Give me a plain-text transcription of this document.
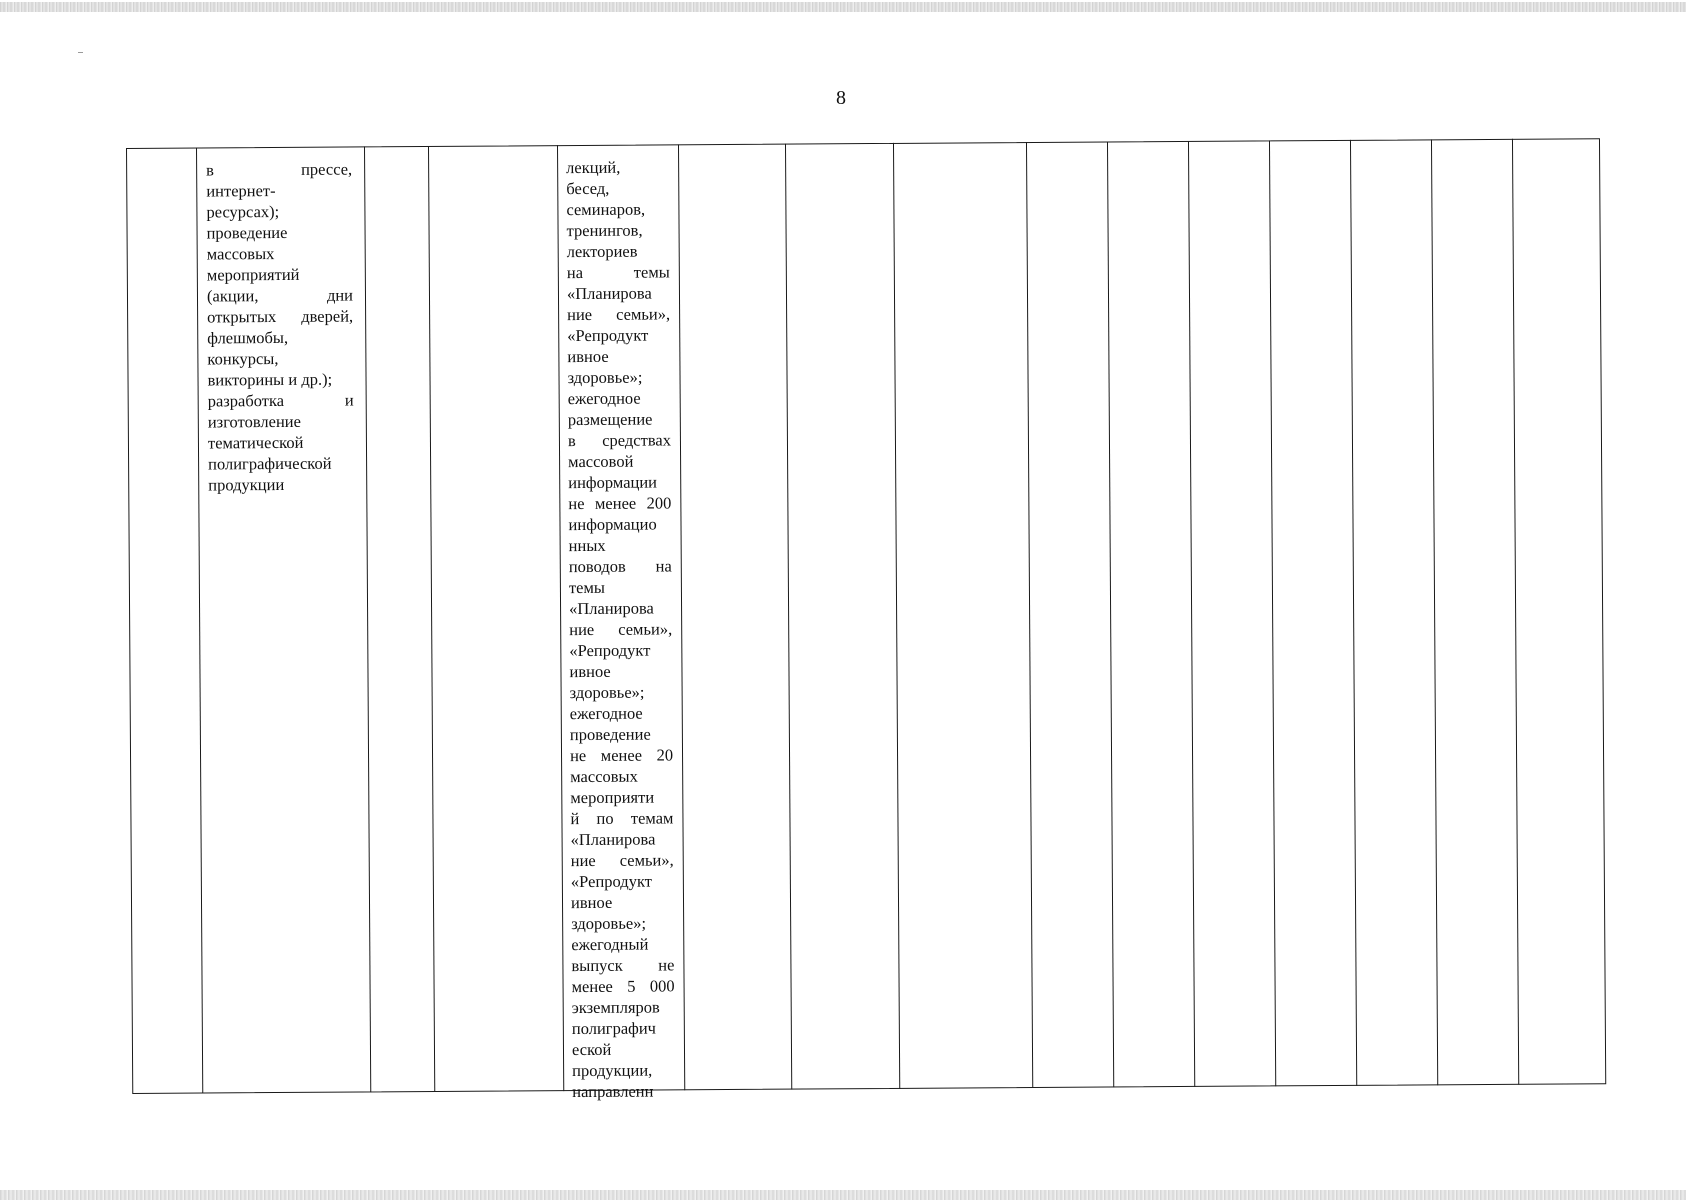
8
в прессе,
интернет-
ресурсах);
проведение
массовых
мероприятий
(акции, дни
открытых дверей,
флешмобы,
конкурсы,
викторины и др.);
разработка и
изготовление
тематической
полиграфической
продукции
лекций,
бесед,
семинаров,
тренингов,
лекториев
на темы
«Планирова
ние семьи»,
«Репродукт
ивное
здоровье»;
ежегодное
размещение
в средствах
массовой
информации
не менее 200
информацио
нных
поводов на
темы
«Планирова
ние семьи»,
«Репродукт
ивное
здоровье»;
ежегодное
проведение
не менее 20
массовых
мероприяти
й по темам
«Планирова
ние семьи»,
«Репродукт
ивное
здоровье»;
ежегодный
выпуск не
менее 5 000
экземпляров
полиграфич
еской
продукции,
направленн
